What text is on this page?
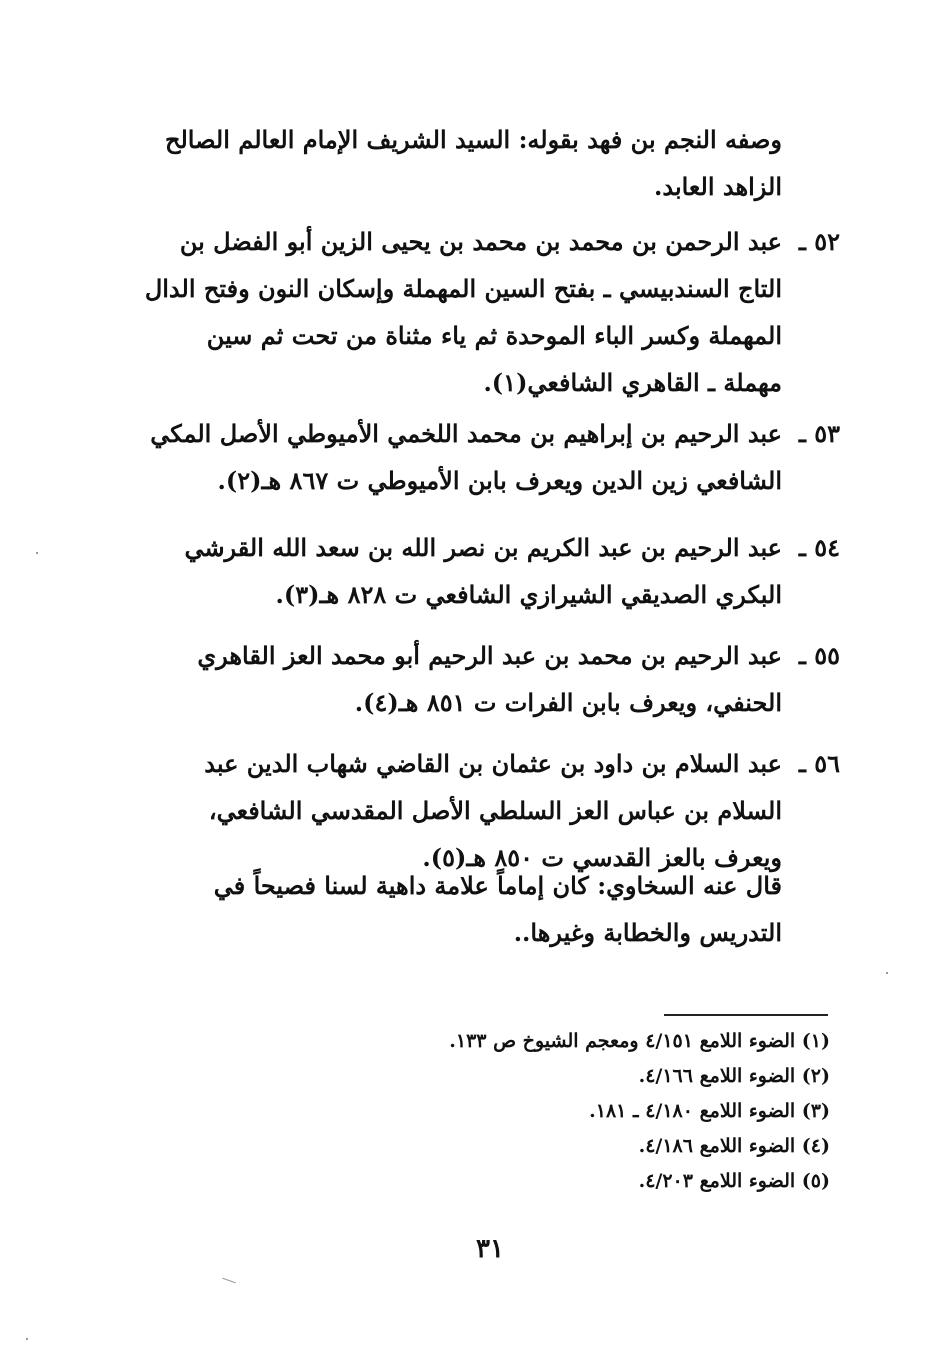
وصفه النجم بن فهد بقوله: السيد الشريف الإمام العالم الصالح الزاهد العابد.
٥٢ ـ
عبد الرحمن بن محمد بن محمد بن يحيى الزين أبو الفضل بن التاج السندبيسي ـ بفتح السين المهملة وإسكان النون وفتح الدال المهملة وكسر الباء الموحدة ثم ياء مثناة من تحت ثم سين مهملة ـ القاهري الشافعي(١).
٥٣ ـ
عبد الرحيم بن إبراهيم بن محمد اللخمي الأميوطي الأصل المكي الشافعي زين الدين ويعرف بابن الأميوطي ت ٨٦٧ هـ(٢).
٥٤ ـ
عبد الرحيم بن عبد الكريم بن نصر الله بن سعد الله القرشي البكري الصديقي الشيرازي الشافعي ت ٨٢٨ هـ(٣).
٥٥ ـ
عبد الرحيم بن محمد بن عبد الرحيم أبو محمد العز القاهري الحنفي، ويعرف بابن الفرات ت ٨٥١ هـ(٤).
٥٦ ـ
عبد السلام بن داود بن عثمان بن القاضي شهاب الدين عبد السلام بن عباس العز السلطي الأصل المقدسي الشافعي، ويعرف بالعز القدسي ت ٨٥٠ هـ(٥).
قال عنه السخاوي: كان إماماً علامة داهية لسنا فصيحاً في التدريس والخطابة وغيرها..
(١) الضوء اللامع ٤/١٥١ ومعجم الشيوخ ص ١٣٣.
(٢) الضوء اللامع ٤/١٦٦.
(٣) الضوء اللامع ٤/١٨٠ ـ ١٨١.
(٤) الضوء اللامع ٤/١٨٦.
(٥) الضوء اللامع ٤/٢٠٣.
٣١
